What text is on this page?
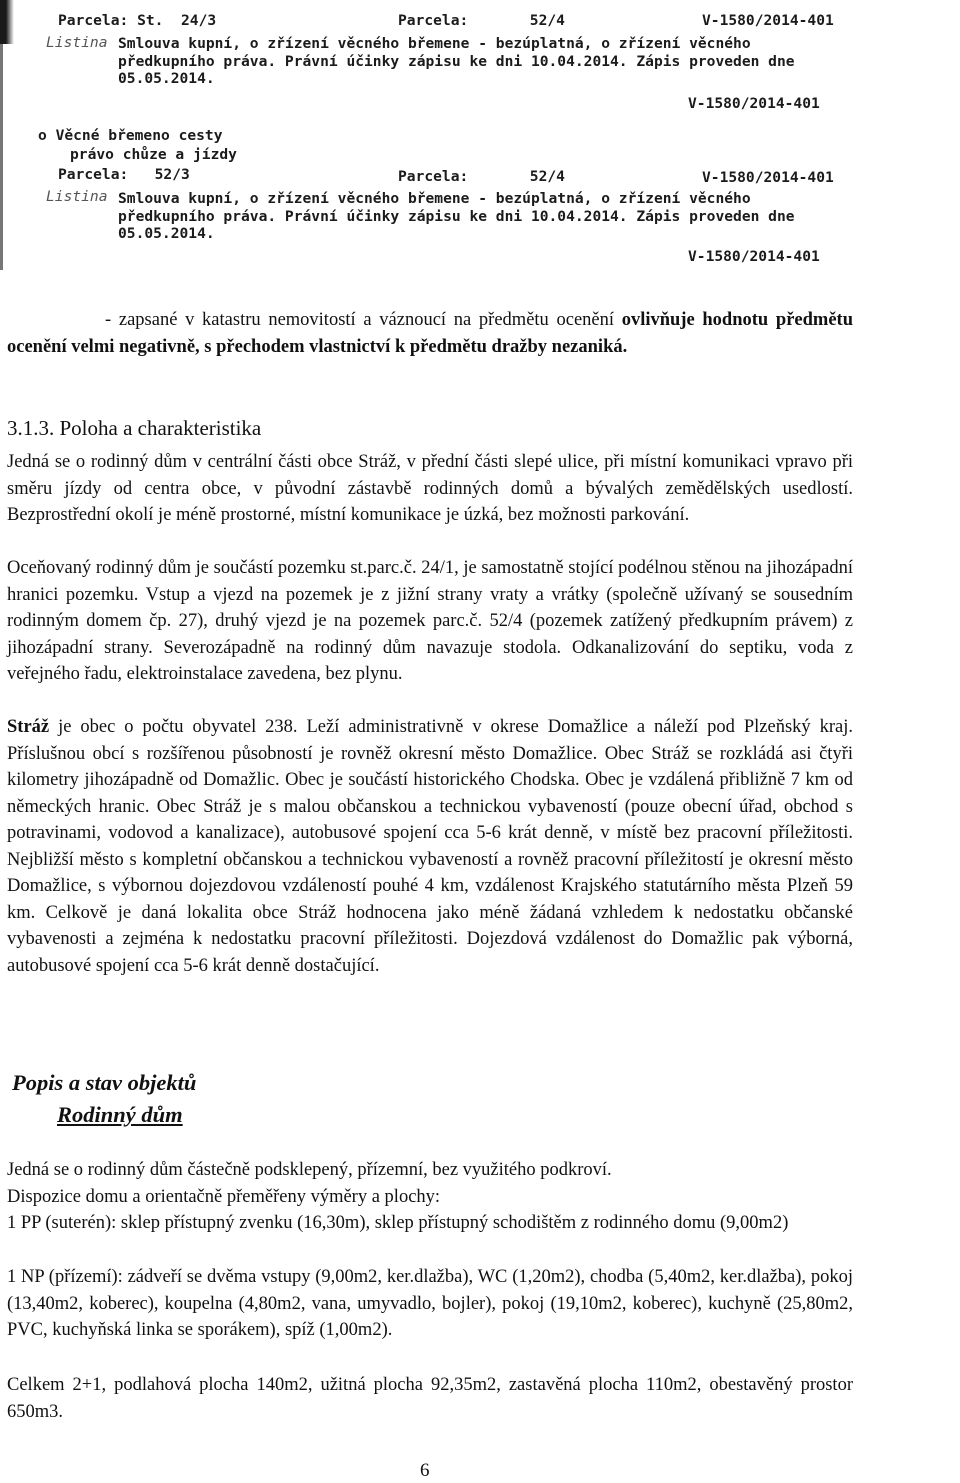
Parcela: St.  24/3	Parcela:       52/4	V-1580/2014-401
Listina Smlouva kupní, o zřízení věcného břemene - bezúplatná, o zřízení věcného
předkupního práva. Právní účinky zápisu ke dni 10.04.2014. Zápis proveden dne
05.05.2014.
V-1580/2014-401
o Věcné břemeno cesty
právo chůze a jízdy
Parcela:   52/3	Parcela:       52/4	V-1580/2014-401
Listina Smlouva kupní, o zřízení věcného břemene - bezúplatná, o zřízení věcného
předkupního práva. Právní účinky zápisu ke dni 10.04.2014. Zápis proveden dne
05.05.2014.
V-1580/2014-401

- zapsané v katastru nemovitostí a váznoucí na předmětu ocenění ovlivňuje hodnotu předmětu ocenění velmi negativně, s přechodem vlastnictví k předmětu dražby nezaniká.

3.1.3. Poloha a charakteristika

Jedná se o rodinný dům v centrální části obce Stráž, v přední části slepé ulice, při místní komunikaci vpravo při směru jízdy od centra obce, v původní zástavbě rodinných domů a bývalých zemědělských usedlostí. Bezprostřední okolí je méně prostorné, místní komunikace je úzká, bez možnosti parkování.

Oceňovaný rodinný dům je součástí pozemku st.parc.č. 24/1, je samostatně stojící podélnou stěnou na jihozápadní hranici pozemku. Vstup a vjezd na pozemek je z jižní strany vraty a vrátky (společně užívaný se sousedním rodinným domem čp. 27), druhý vjezd je na pozemek parc.č. 52/4 (pozemek zatížený předkupním právem) z jihozápadní strany. Severozápadně na rodinný dům navazuje stodola. Odkanalizování do septiku, voda z veřejného řadu, elektroinstalace zavedena, bez plynu.

Stráž je obec o počtu obyvatel 238. Leží administrativně v okrese Domažlice a náleží pod Plzeňský kraj. Příslušnou obcí s rozšířenou působností je rovněž okresní město Domažlice. Obec Stráž se rozkládá asi čtyři kilometry jihozápadně od Domažlic. Obec je součástí historického Chodska. Obec je vzdálená přibližně 7 km od německých hranic. Obec Stráž je s malou občanskou a technickou vybaveností (pouze obecní úřad, obchod s potravinami, vodovod a kanalizace), autobusové spojení cca 5-6 krát denně, v místě bez pracovní příležitosti. Nejbližší město s kompletní občanskou a technickou vybaveností a rovněž pracovní příležitostí je okresní město Domažlice, s výbornou dojezdovou vzdáleností pouhé 4 km, vzdálenost Krajského statutárního města Plzeň 59 km. Celkově je daná lokalita obce Stráž hodnocena jako méně žádaná vzhledem k nedostatku občanské vybavenosti a zejména k nedostatku pracovní příležitosti. Dojezdová vzdálenost do Domažlic pak výborná, autobusové spojení cca 5-6 krát denně dostačující.

Popis a stav objektů
Rodinný dům

Jedná se o rodinný dům částečně podsklepený, přízemní, bez využitého podkroví.

Dispozice domu a orientačně přeměřeny výměry a plochy:

1 PP (suterén): sklep přístupný zvenku (16,30m), sklep přístupný schodištěm z rodinného domu (9,00m2)

1 NP (přízemí): zádveří se dvěma vstupy (9,00m2, ker.dlažba), WC (1,20m2), chodba (5,40m2, ker.dlažba), pokoj (13,40m2, koberec), koupelna (4,80m2, vana, umyvadlo, bojler), pokoj (19,10m2, koberec), kuchyně (25,80m2, PVC, kuchyňská linka se sporákem), spíž (1,00m2).

Celkem 2+1, podlahová plocha 140m2, užitná plocha 92,35m2, zastavěná plocha 110m2, obestavěný prostor 650m3.

6
